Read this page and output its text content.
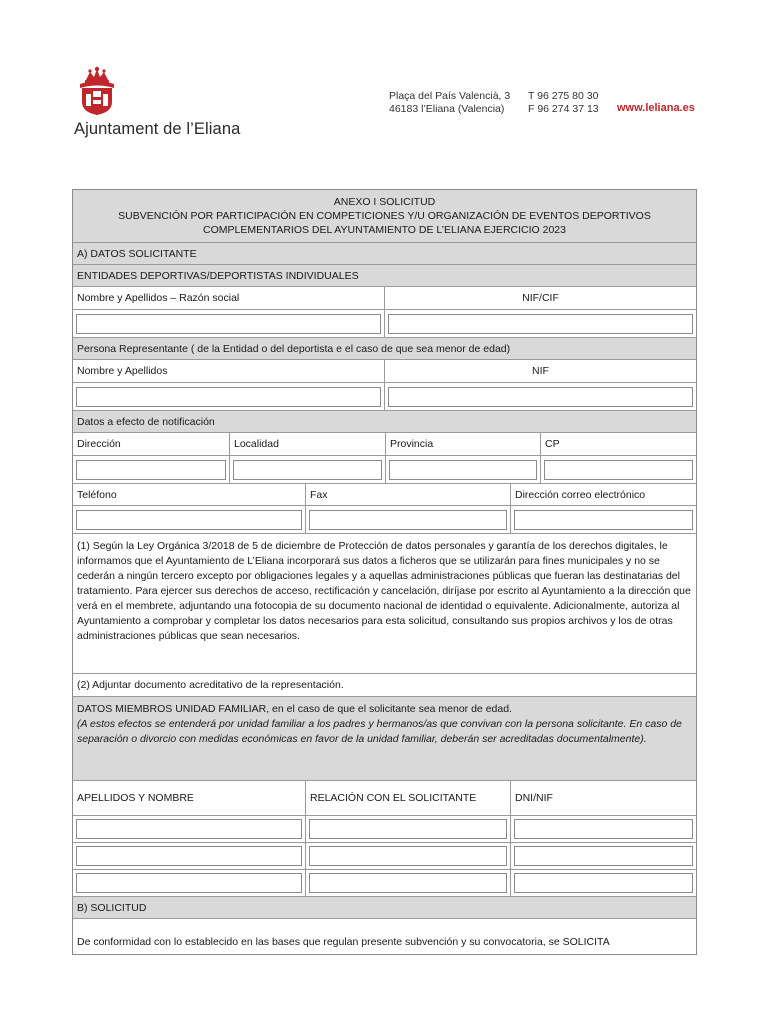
Ajuntament de l’Eliana
Plaça del País Valencià, 3
46183 l’Eliana (Valencia)
T 96 275 80 30
F 96 274 37 13 www.leliana.es
ANEXO I SOLICITUD
SUBVENCIÓN POR PARTICIPACIÓN EN COMPETICIONES Y/U ORGANIZACIÓN DE EVENTOS DEPORTIVOS
COMPLEMENTARIOS DEL AYUNTAMIENTO DE L’ELIANA EJERCICIO 2023
A) DATOS SOLICITANTE
ENTIDADES DEPORTIVAS/DEPORTISTAS INDIVIDUALES
Nombre y Apellidos – Razón social	NIF/CIF
Persona Representante ( de la Entidad o del deportista e el caso de que sea menor de edad)
Nombre y Apellidos	NIF
Datos a efecto de notificación
Dirección	Localidad	Provincia	CP
Teléfono	Fax	Dirección correo electrónico
(1) Según la Ley Orgánica 3/2018 de 5 de diciembre de Protección de datos personales y garantía de los derechos digitales, le informamos que el Ayuntamiento de L’Eliana incorporará sus datos a ficheros que se utilizarán para fines municipales y no se cederán a ningún tercero excepto por obligaciones legales y a aquellas administraciones públicas que fueran las destinatarias del tratamiento. Para ejercer sus derechos de acceso, rectificación y cancelación, diríjase por escrito al Ayuntamiento a la dirección que verá en el membrete, adjuntando una fotocopia de su documento nacional de identidad o equivalente. Adicionalmente, autoriza al Ayuntamiento a comprobar y completar los datos necesarios para esta solicitud, consultando sus propios archivos y los de otras administraciones públicas que sean necesarios.
(2) Adjuntar documento acreditativo de la representación.
DATOS MIEMBROS UNIDAD FAMILIAR, en el caso de que el solicitante sea menor de edad.
(A estos efectos se entenderá por unidad familiar a los padres y hermanos/as que convivan con la persona solicitante. En caso de separación o divorcio con medidas económicas en favor de la unidad familiar, deberán ser acreditadas documentalmente).
APELLIDOS Y NOMBRE	RELACIÓN CON EL SOLICITANTE	DNI/NIF
B) SOLICITUD
De conformidad con lo establecido en las bases que regulan presente subvención y su convocatoria, se SOLICITA
